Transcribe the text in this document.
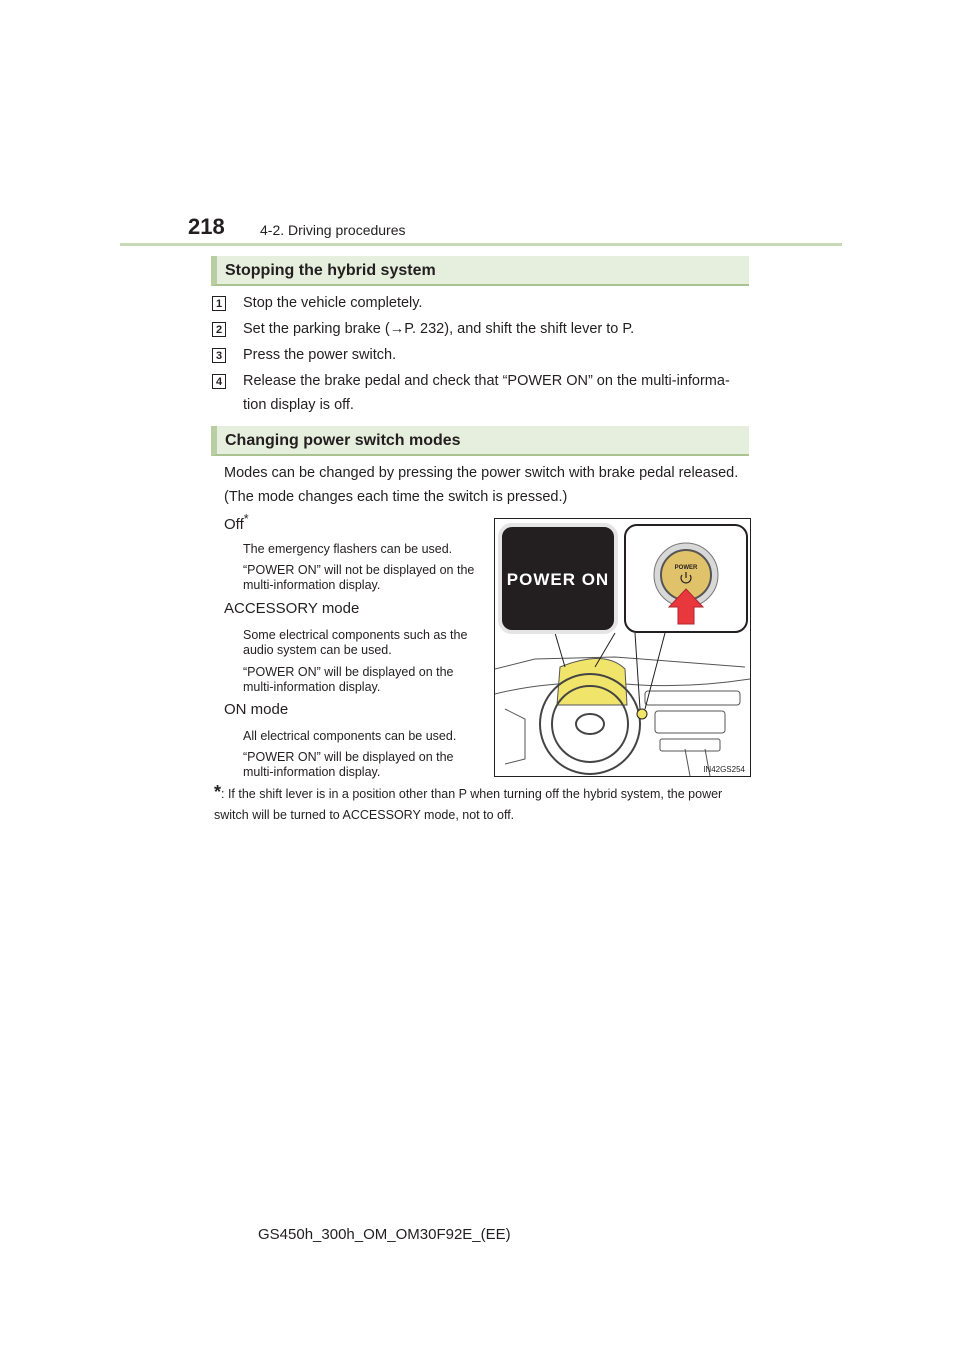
218	4-2. Driving procedures
Stopping the hybrid system
1 Stop the vehicle completely.
2 Set the parking brake (→P. 232), and shift the shift lever to P.
3 Press the power switch.
4 Release the brake pedal and check that “POWER ON” on the multi-informa-tion display is off.
Changing power switch modes
Modes can be changed by pressing the power switch with brake pedal released. (The mode changes each time the switch is pressed.)
Off*
The emergency flashers can be used.
“POWER ON” will not be displayed on the multi-information display.
ACCESSORY mode
Some electrical components such as the audio system can be used.
“POWER ON” will be displayed on the multi-information display.
ON mode
All electrical components can be used.
“POWER ON” will be displayed on the multi-information display.
POWER ON
POWER
IN42GS254
*: If the shift lever is in a position other than P when turning off the hybrid system, the power switch will be turned to ACCESSORY mode, not to off.
GS450h_300h_OM_OM30F92E_(EE)
